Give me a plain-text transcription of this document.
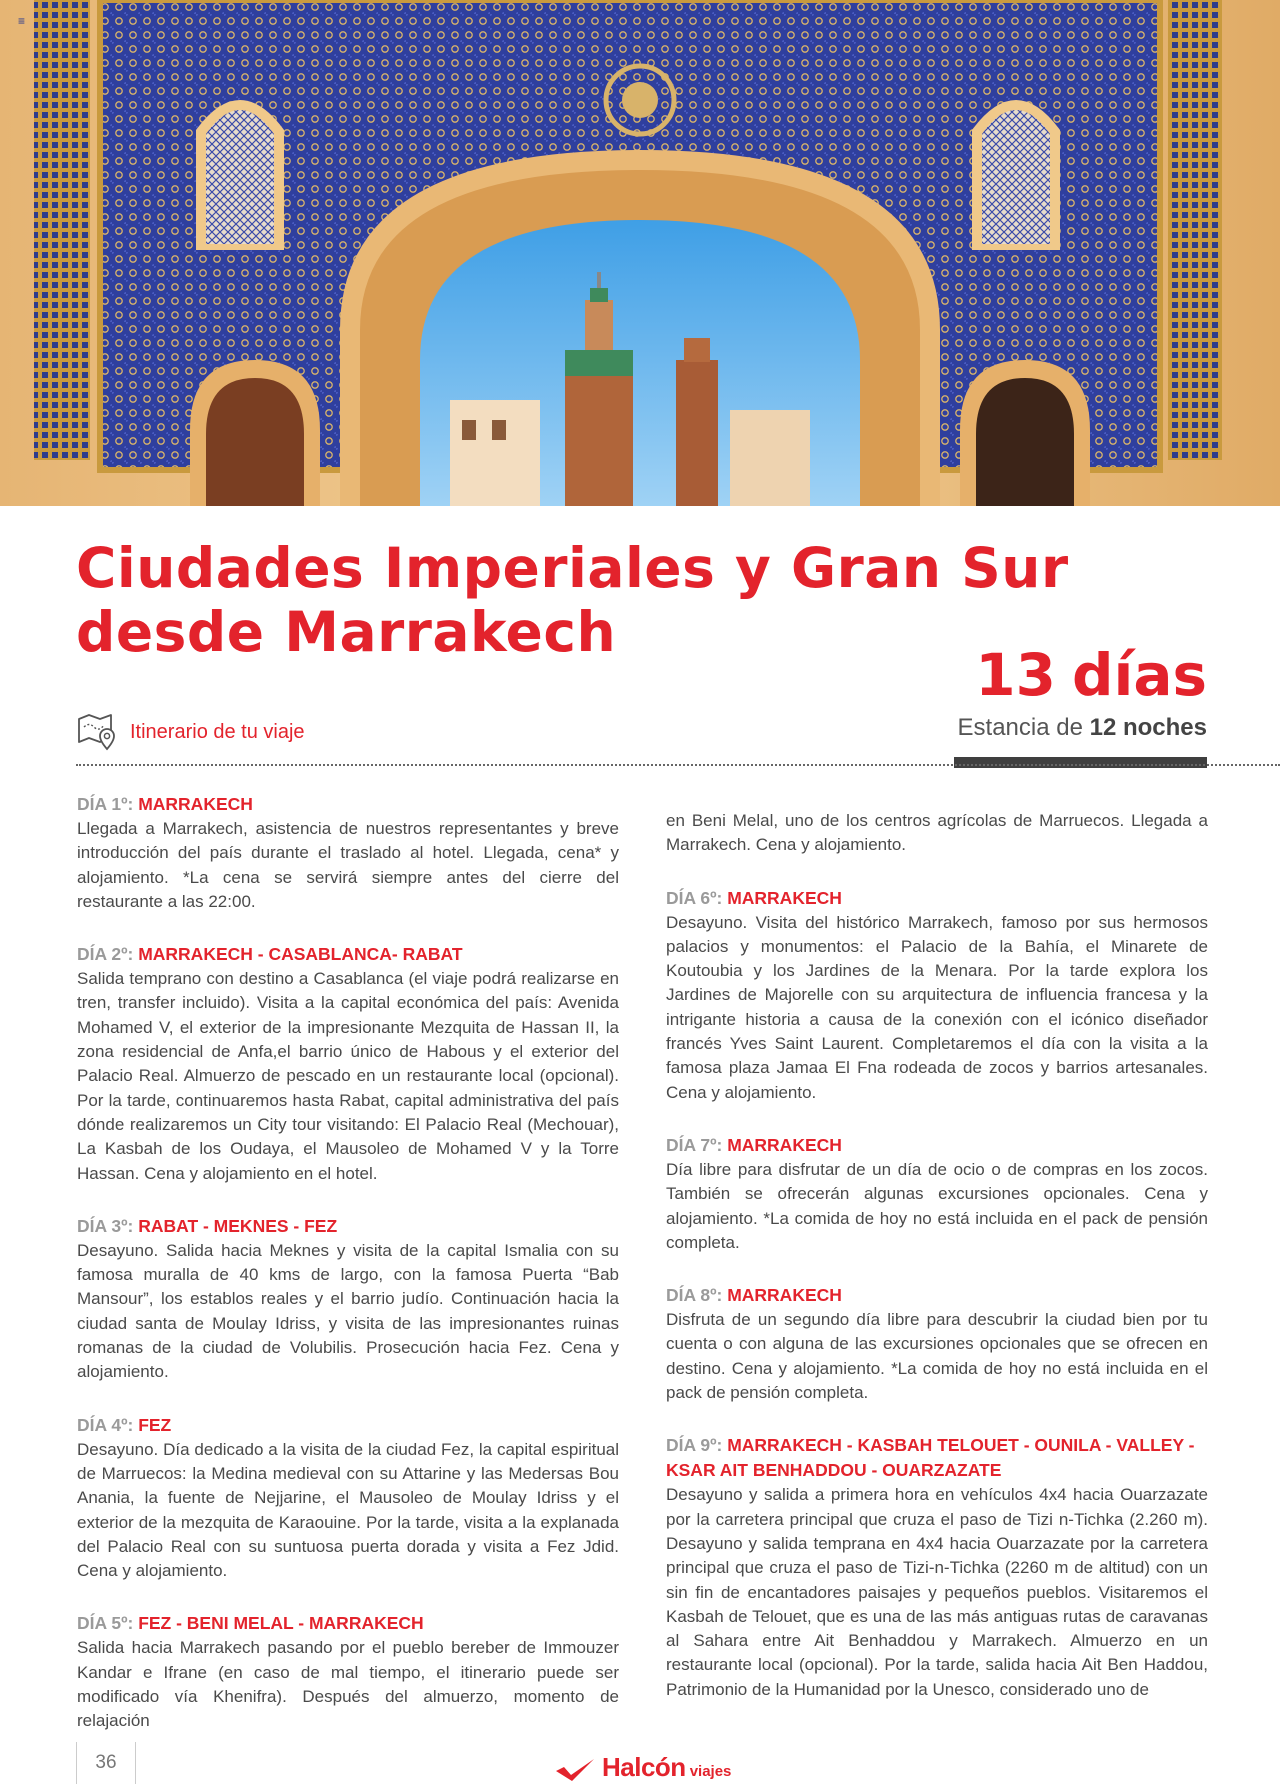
≡
Ciudades Imperiales y Gran Sur
desde Marrakech
13 días
Itinerario de tu viaje	Estancia de 12 noches
DÍA 1º: MARRAKECH

Llegada a Marrakech, asistencia de nuestros representantes y breve introducción del país durante el traslado al hotel. Llegada, cena* y alojamiento. *La cena se servirá siempre antes del cierre del restaurante a las 22:00.

DÍA 2º: MARRAKECH - CASABLANCA- RABAT

Salida temprano con destino a Casablanca (el viaje podrá realizarse en tren, transfer incluido). Visita a la capital económica del país: Avenida Mohamed V, el exterior de la impresionante Mezquita de Hassan II, la zona residencial de Anfa,el barrio único de Habous y el exterior del Palacio Real. Almuerzo de pescado en un restaurante local (opcional). Por la tarde, continuaremos hasta Rabat, capital administrativa del país dónde realizaremos un City tour visitando: El Palacio Real (Mechouar), La Kasbah de los Oudaya, el Mausoleo de Mohamed V y la Torre Hassan. Cena y alojamiento en el hotel.

DÍA 3º: RABAT - MEKNES - FEZ

Desayuno. Salida hacia Meknes y visita de la capital Ismalia con su famosa muralla de 40 kms de largo, con la famosa Puerta “Bab Mansour”, los establos reales y el barrio judío. Continuación hacia la ciudad santa de Moulay Idriss, y visita de las impresionantes ruinas romanas de la ciudad de Volubilis. Prosecución hacia Fez. Cena y alojamiento.

DÍA 4º: FEZ

Desayuno. Día dedicado a la visita de la ciudad Fez, la capital espiritual de Marruecos: la Medina medieval con su Attarine y las Medersas Bou Anania, la fuente de Nejjarine, el Mausoleo de Moulay Idriss y el exterior de la mezquita de Karaouine. Por la tarde, visita a la explanada del Palacio Real con su suntuosa puerta dorada y visita a Fez Jdid. Cena y alojamiento.

DÍA 5º: FEZ - BENI MELAL - MARRAKECH

Salida hacia Marrakech pasando por el pueblo bereber de Immouzer Kandar e Ifrane (en caso de mal tiempo, el itinerario puede ser modificado vía Khenifra). Después del almuerzo, momento de relajación

en Beni Melal, uno de los centros agrícolas de Marruecos. Llegada a Marrakech. Cena y alojamiento.

DÍA 6º: MARRAKECH

Desayuno. Visita del histórico Marrakech, famoso por sus hermosos palacios y monumentos: el Palacio de la Bahía, el Minarete de Koutoubia y los Jardines de la Menara. Por la tarde explora los Jardines de Majorelle con su arquitectura de influencia francesa y la intrigante historia a causa de la conexión con el icónico diseñador francés Yves Saint Laurent. Completaremos el día con la visita a la famosa plaza Jamaa El Fna rodeada de zocos y barrios artesanales. Cena y alojamiento.

DÍA 7º: MARRAKECH

Día libre para disfrutar de un día de ocio o de compras en los zocos. También se ofrecerán algunas excursiones opcionales. Cena y alojamiento. *La comida de hoy no está incluida en el pack de pensión completa.

DÍA 8º: MARRAKECH

Disfruta de un segundo día libre para descubrir la ciudad bien por tu cuenta o con alguna de las excursiones opcionales que se ofrecen en destino. Cena y alojamiento. *La comida de hoy no está incluida en el pack de pensión completa.

DÍA 9º: MARRAKECH - KASBAH TELOUET - OUNILA - VALLEY - KSAR AIT BENHADDOU - OUARZAZATE

Desayuno y salida a primera hora en vehículos 4x4 hacia Ouarzazate por la carretera principal que cruza el paso de Tizi n-Tichka (2.260 m). Desayuno y salida temprana en 4x4 hacia Ouarzazate por la carretera principal que cruza el paso de Tizi-n-Tichka (2260 m de altitud) con un sin fin de encantadores paisajes y pequeños pueblos. Visitaremos el Kasbah de Telouet, que es una de las más antiguas rutas de caravanas al Sahara entre Ait Benhaddou y Marrakech. Almuerzo en un restaurante local (opcional). Por la tarde, salida hacia Ait Ben Haddou, Patrimonio de la Humanidad por la Unesco, considerado uno de

36	Halcón viajes
